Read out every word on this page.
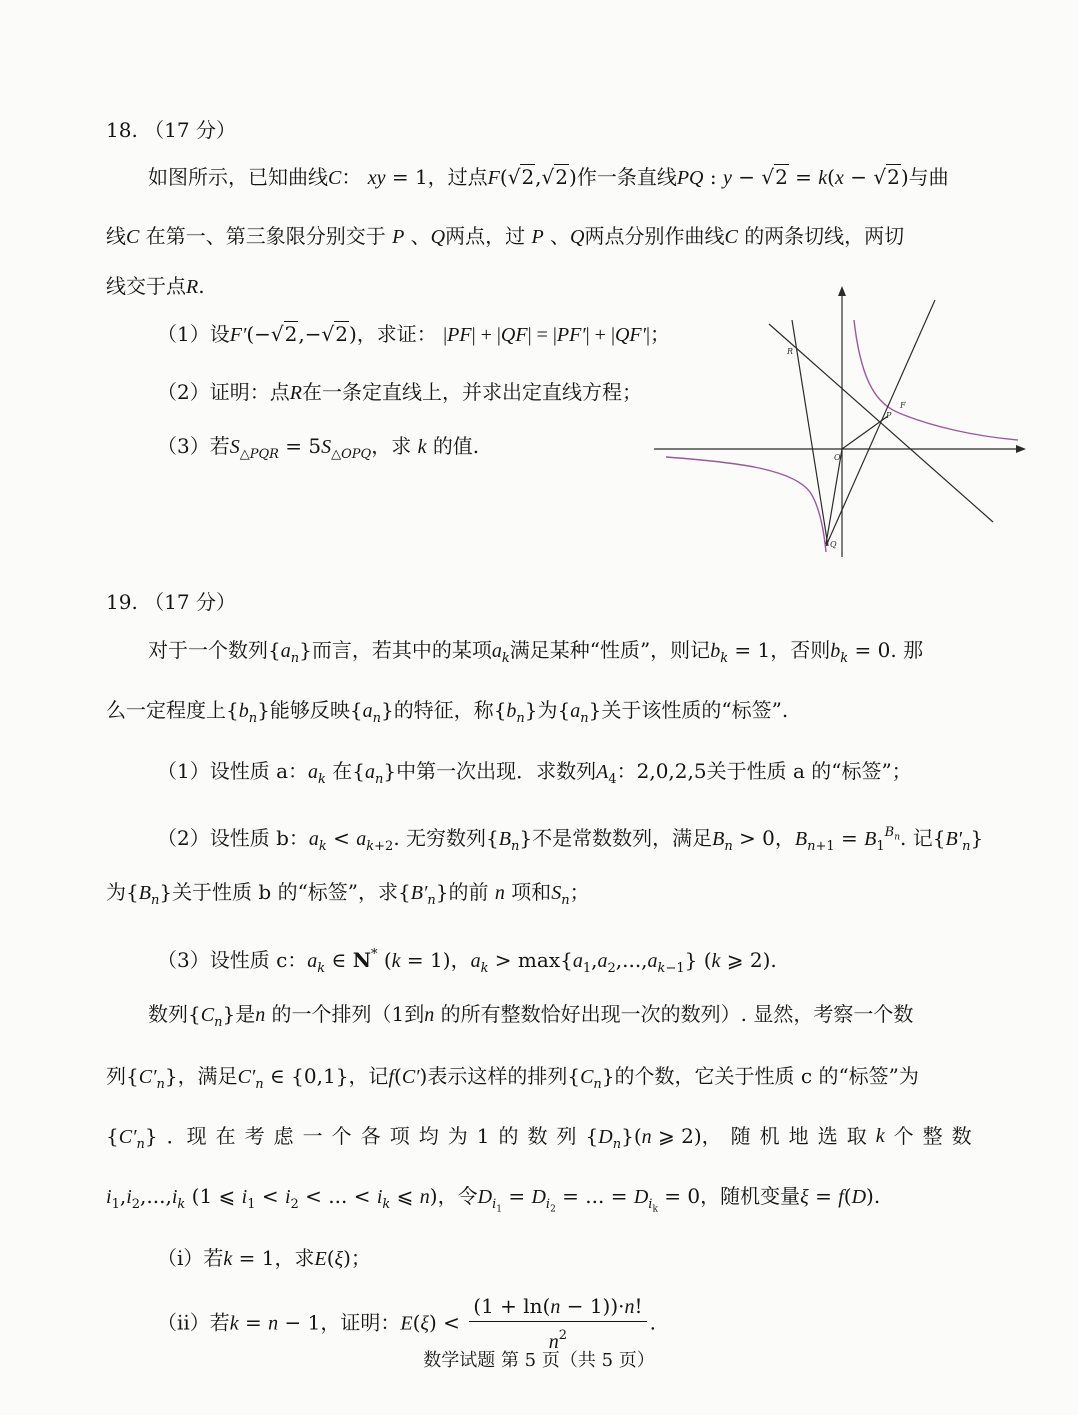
18. （17 分）
如图所示，已知曲线C： xy = 1，过点F(√2,√2)作一条直线PQ : y − √2 = k(x − √2)与曲
线C 在第一、第三象限分别交于 P 、Q两点，过 P 、Q两点分别作曲线C 的两条切线，两切
线交于点R.
（1）设F′(−√2,−√2)，求证： |PF| + |QF| = |PF′| + |QF′|；
（2）证明：点R在一条定直线上，并求出定直线方程；
（3）若$S_{\triangle PQR} = 5S_{\triangle OPQ}$，求 k 的值.
R
F
P
O
Q
19. （17 分）
对于一个数列$\{a_n\}$而言，若其中的某项$a_k$满足某种“性质”，则记$b_k = 1$，否则$b_k = 0$. 那
么一定程度上$\{b_n\}$能够反映$\{a_n\}$的特征，称$\{b_n\}$为$\{a_n\}$关于该性质的“标签”.
（1）设性质 a：$a_k$ 在$\{a_n\}$中第一次出现．求数列$A_4$：2,0,2,5关于性质 a 的“标签”；
（2）设性质 b：$a_k < a_{k+2}$. 无穷数列$\{B_n\}$不是常数数列，满足$B_n > 0$，$B_{n+1} = B_1^{B_n}$. 记$\{B'_n\}$
为$\{B_n\}$关于性质 b 的“标签”，求$\{B'_n\}$的前 n 项和$S_n$；
（3）设性质 c：$a_k$ ∈ N* (k = 1)，$a_k > \max\{a_1,a_2,...,a_{k-1}\}$ (k ⩾ 2).
数列$\{C_n\}$是n 的一个排列（1到n 的所有整数恰好出现一次的数列）. 显然，考察一个数
列$\{C'_n\}$，满足$C'_n$ ∈ {0,1}，记f(C′)表示这样的排列$\{C_n\}$的个数，它关于性质 c 的“标签”为
$\{C'_n\}$ ．现 在 考 虑 一 个 各 项 均 为 1 的 数 列 $\{D_n\}(n$ ⩾ 2)， 随 机 地 选 取 k 个 整 数
$i_1,i_2,...,i_k$ (1 ⩽ $i_1 < i_2$ < ... < $i_k$ ⩽ n)，令$D_{i_1} = D_{i_2}$ = ... = $D_{i_k} = 0$，随机变量ξ = f(D).
（i）若k = 1，求E(ξ)；
（ii）若k = n − 1，证明：$E(\xi) < \frac{(1 + \ln(n - 1))\cdot n!}{n^2}$ .
数学试题 第 5 页（共 5 页）
